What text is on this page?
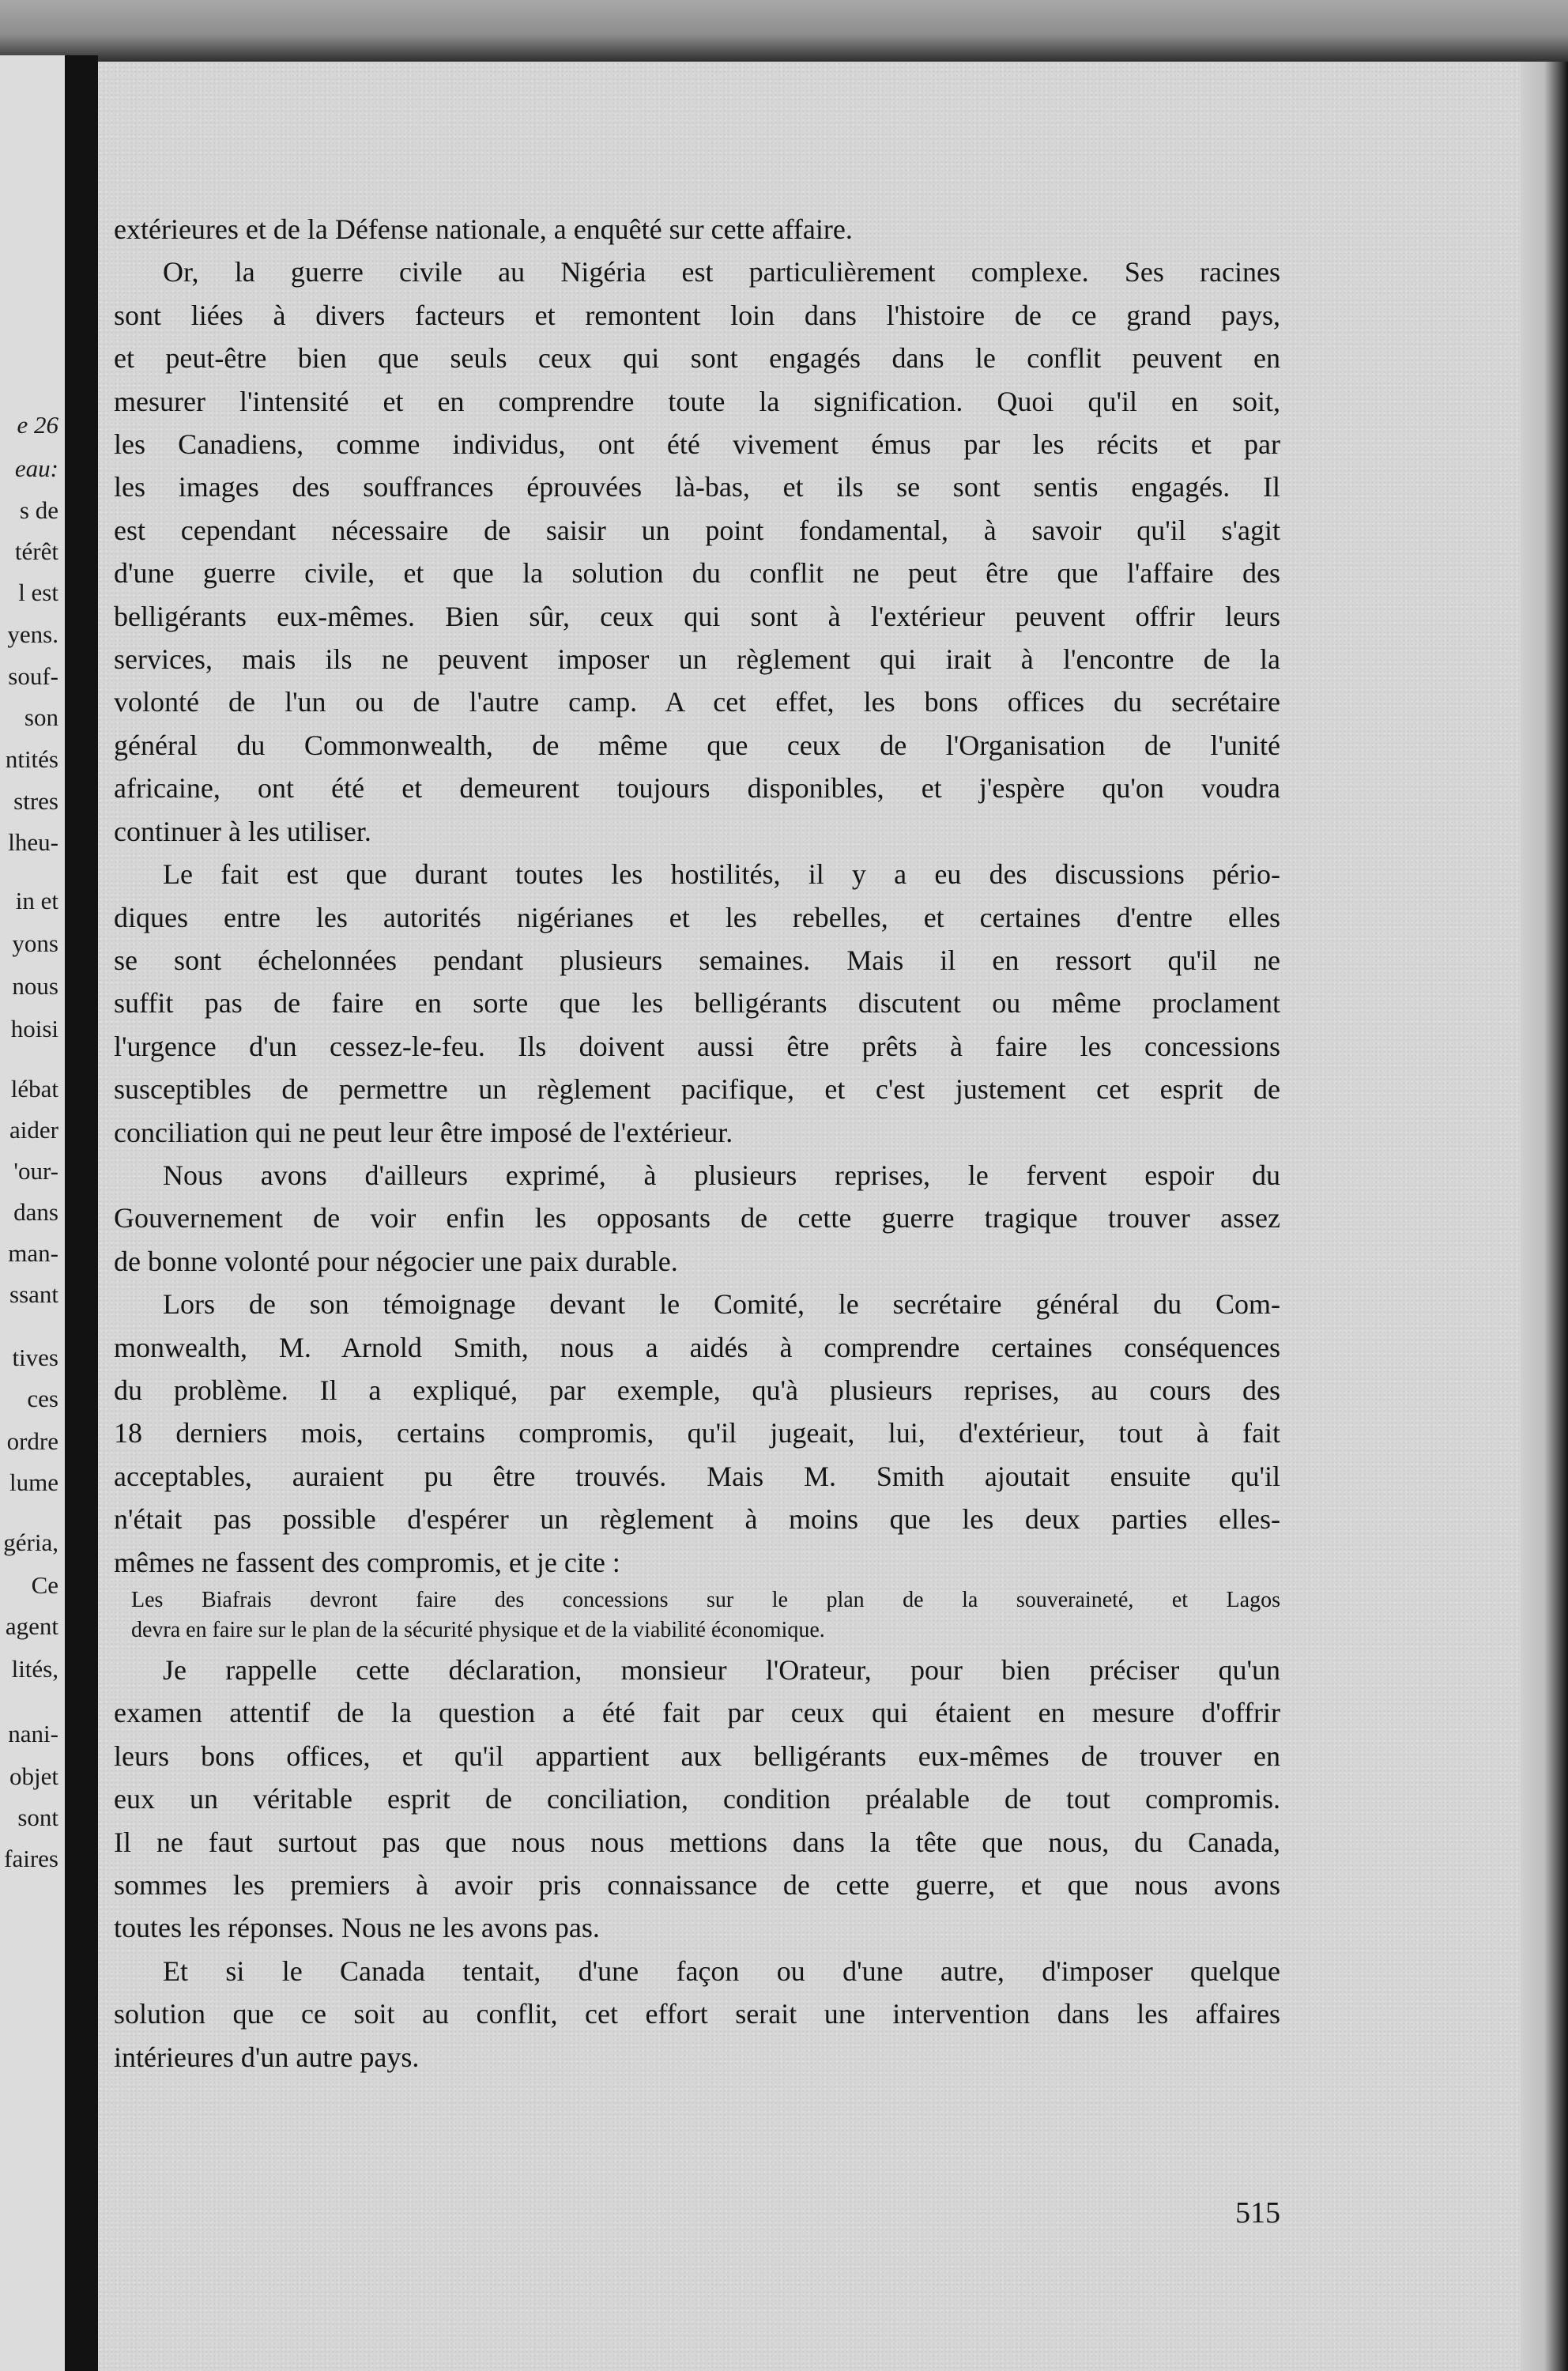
e 26
eau:
s de
térêt
l est
yens.
souf-
son
ntités
stres
lheu-
in et
yons
nous
hoisi
lébat
aider
'our-
dans
man-
ssant
tives
ces
ordre
lume
géria,
Ce
agent
lités,
nani-
objet
sont
faires
extérieures et de la Défense nationale, a enquêté sur cette affaire.
Or, la guerre civile au Nigéria est particulièrement complexe. Ses racines
sont liées à divers facteurs et remontent loin dans l'histoire de ce grand pays,
et peut-être bien que seuls ceux qui sont engagés dans le conflit peuvent en
mesurer l'intensité et en comprendre toute la signification. Quoi qu'il en soit,
les Canadiens, comme individus, ont été vivement émus par les récits et par
les images des souffrances éprouvées là-bas, et ils se sont sentis engagés. Il
est cependant nécessaire de saisir un point fondamental, à savoir qu'il s'agit
d'une guerre civile, et que la solution du conflit ne peut être que l'affaire des
belligérants eux-mêmes. Bien sûr, ceux qui sont à l'extérieur peuvent offrir leurs
services, mais ils ne peuvent imposer un règlement qui irait à l'encontre de la
volonté de l'un ou de l'autre camp. A cet effet, les bons offices du secrétaire
général du Commonwealth, de même que ceux de l'Organisation de l'unité
africaine, ont été et demeurent toujours disponibles, et j'espère qu'on voudra
continuer à les utiliser.
Le fait est que durant toutes les hostilités, il y a eu des discussions pério-
diques entre les autorités nigérianes et les rebelles, et certaines d'entre elles
se sont échelonnées pendant plusieurs semaines. Mais il en ressort qu'il ne
suffit pas de faire en sorte que les belligérants discutent ou même proclament
l'urgence d'un cessez-le-feu. Ils doivent aussi être prêts à faire les concessions
susceptibles de permettre un règlement pacifique, et c'est justement cet esprit de
conciliation qui ne peut leur être imposé de l'extérieur.
Nous avons d'ailleurs exprimé, à plusieurs reprises, le fervent espoir du
Gouvernement de voir enfin les opposants de cette guerre tragique trouver assez
de bonne volonté pour négocier une paix durable.
Lors de son témoignage devant le Comité, le secrétaire général du Com-
monwealth, M. Arnold Smith, nous a aidés à comprendre certaines conséquences
du problème. Il a expliqué, par exemple, qu'à plusieurs reprises, au cours des
18 derniers mois, certains compromis, qu'il jugeait, lui, d'extérieur, tout à fait
acceptables, auraient pu être trouvés. Mais M. Smith ajoutait ensuite qu'il
n'était pas possible d'espérer un règlement à moins que les deux parties elles-
mêmes ne fassent des compromis, et je cite :
Les Biafrais devront faire des concessions sur le plan de la souveraineté, et Lagos
devra en faire sur le plan de la sécurité physique et de la viabilité économique.
Je rappelle cette déclaration, monsieur l'Orateur, pour bien préciser qu'un
examen attentif de la question a été fait par ceux qui étaient en mesure d'offrir
leurs bons offices, et qu'il appartient aux belligérants eux-mêmes de trouver en
eux un véritable esprit de conciliation, condition préalable de tout compromis.
Il ne faut surtout pas que nous nous mettions dans la tête que nous, du Canada,
sommes les premiers à avoir pris connaissance de cette guerre, et que nous avons
toutes les réponses. Nous ne les avons pas.
Et si le Canada tentait, d'une façon ou d'une autre, d'imposer quelque
solution que ce soit au conflit, cet effort serait une intervention dans les affaires
intérieures d'un autre pays.
515
